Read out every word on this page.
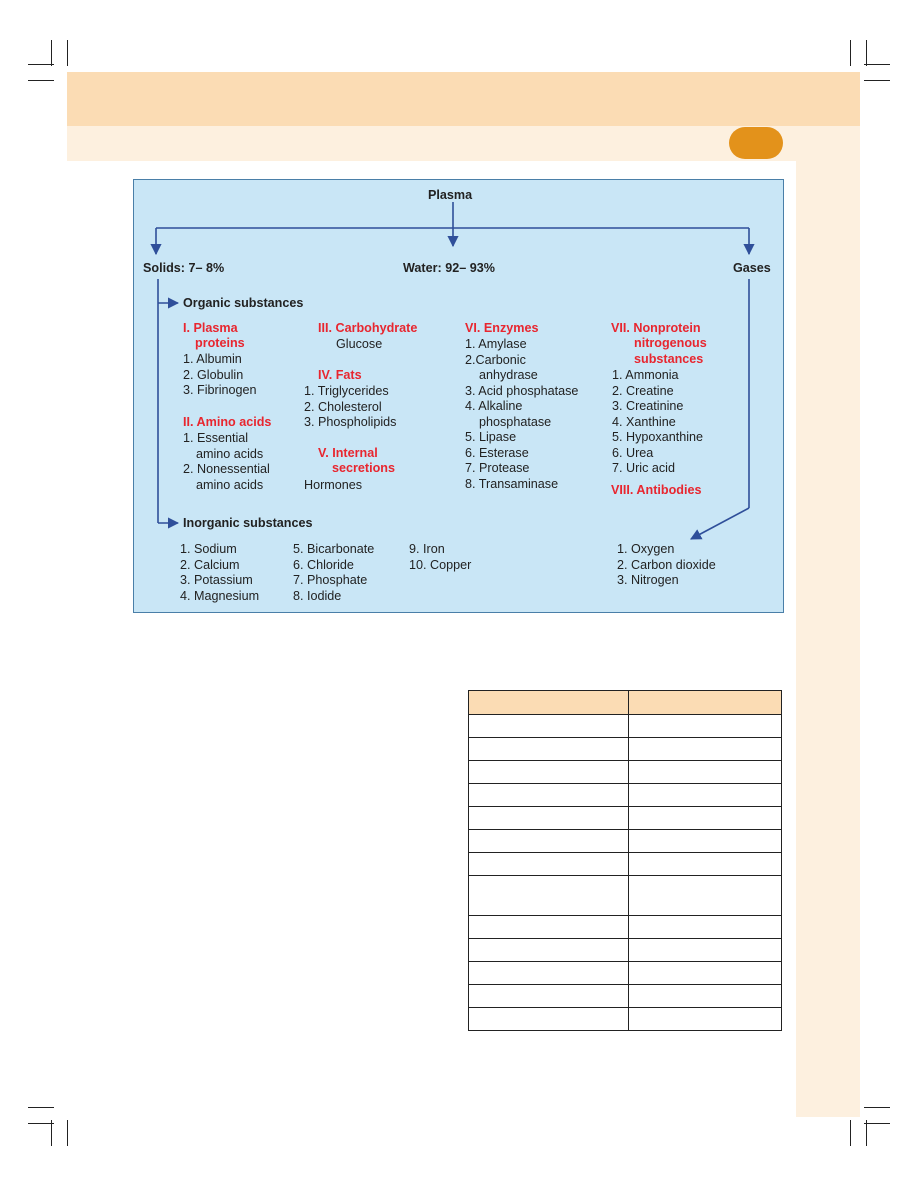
Plasma
Solids: 7– 8%	Water: 92– 93%	Gases
Organic substances
Inorganic substances
I. Plasma
proteins
1. Albumin
2. Globulin
3. Fibrinogen
II. Amino acids
1. Essential
amino acids
2. Nonessential
amino acids
III. Carbohydrate
Glucose
IV. Fats
1. Triglycerides
2. Cholesterol
3. Phospholipids
V. Internal
secretions
Hormones
VI. Enzymes
1. Amylase
2.Carbonic
anhydrase
3. Acid phosphatase
4. Alkaline
phosphatase
5. Lipase
6. Esterase
7. Protease
8. Transaminase
VII. Nonprotein
nitrogenous
substances
1. Ammonia
2. Creatine
3. Creatinine
4. Xanthine
5. Hypoxanthine
6. Urea
7. Uric acid
VIII. Antibodies
1. Sodium
2. Calcium
3. Potassium
4. Magnesium
5. Bicarbonate
6. Chloride
7. Phosphate
8. Iodide
9. Iron
10. Copper
1. Oxygen
2. Carbon dioxide
3. Nitrogen
